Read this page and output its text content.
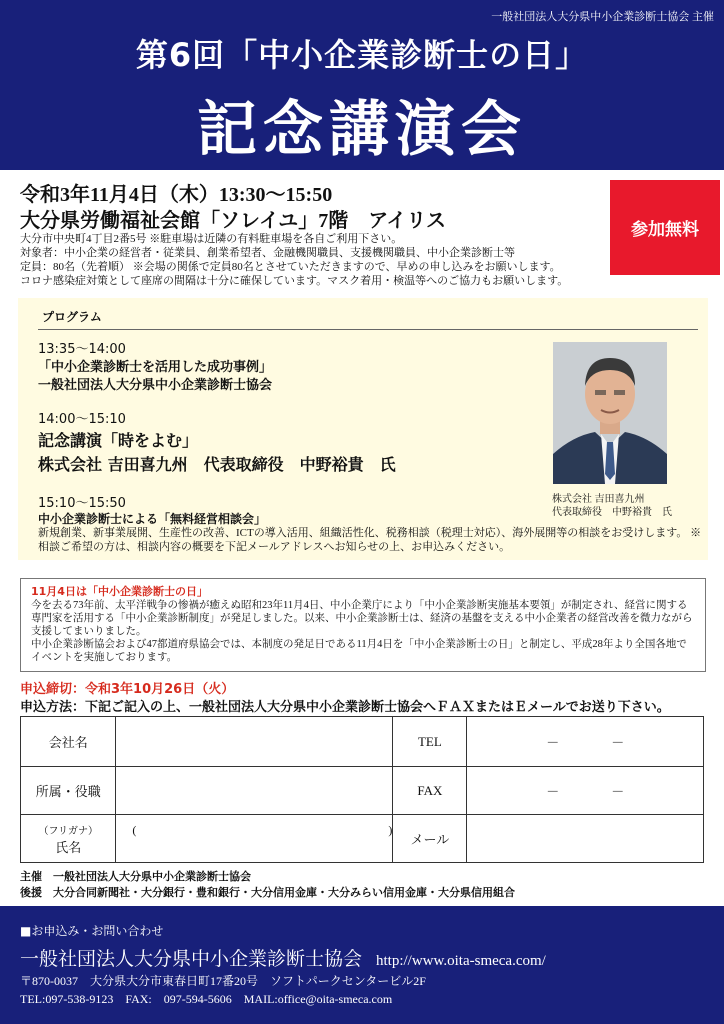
一般社団法人大分県中小企業診断士協会 主催
第6回「中小企業診断士の日」
記念講演会
令和3年11月4日（木）13:30～15:50
大分県労働福祉会館「ソレイユ」7階　アイリス
大分市中央町4丁目2番5号 ※駐車場は近隣の有料駐車場を各自ご利用下さい。
対象者：中小企業の経営者・従業員、創業希望者、金融機関職員、支援機関職員、中小企業診断士等
定員：80名（先着順） ※会場の関係で定員80名とさせていただきますので、早めの申し込みをお願いします。
コロナ感染症対策として座席の間隔は十分に確保しています。マスク着用・検温等へのご協力もお願いします。
参加無料
プログラム
13:35～14:00
「中小企業診断士を活用した成功事例」
一般社団法人大分県中小企業診断士協会
14:00～15:10
記念講演「時をよむ」
株式会社 吉田喜九州　代表取締役　中野裕貴　氏
株式会社 吉田喜九州
代表取締役　中野裕貴　氏
15:10～15:50
中小企業診断士による「無料経営相談会」
新規創業、新事業展開、生産性の改善、ICTの導入活用、組織活性化、税務相談（税理士対応）、海外展開等の相談をお受けします。 ※相談ご希望の方は、相談内容の概要を下記メールアドレスへお知らせの上、お申込みください。
11月4日は「中小企業診断士の日」
今を去る73年前、太平洋戦争の惨禍が癒えぬ昭和23年11月4日、中小企業庁により「中小企業診断実施基本要領」が制定され、経営に関する専門家を活用する「中小企業診断制度」が発足しました。以来、中小企業診断士は、経済の基盤を支える中小企業者の経営改善を微力ながら支援してまいりました。
中小企業診断協会および47都道府県協会では、本制度の発足日である11月4日を「中小企業診断士の日」と制定し、平成28年より全国各地でイベントを実施しております。
申込締切：令和3年10月26日（火）
申込方法：下記ご記入の上、一般社団法人大分県中小企業診断士協会へＦＡＸまたはＥメールでお送り下さい。
会社名		TEL	－　　　　－
所属・役職		FAX	－　　　　－

（フリガナ）
氏名	(　　　　　　　　　　　　　　　　　　　　　)	メール	
主催　一般社団法人大分県中小企業診断士協会
後援　大分合同新聞社・大分銀行・豊和銀行・大分信用金庫・大分みらい信用金庫・大分県信用組合
■お申込み・お問い合わせ
一般社団法人大分県中小企業診断士協会 http://www.oita-smeca.com/
〒870-0037　大分県大分市東春日町17番20号　ソフトパークセンタービル2F
TEL:097-538-9123　FAX:　097-594-5606　MAIL:office@oita-smeca.com
